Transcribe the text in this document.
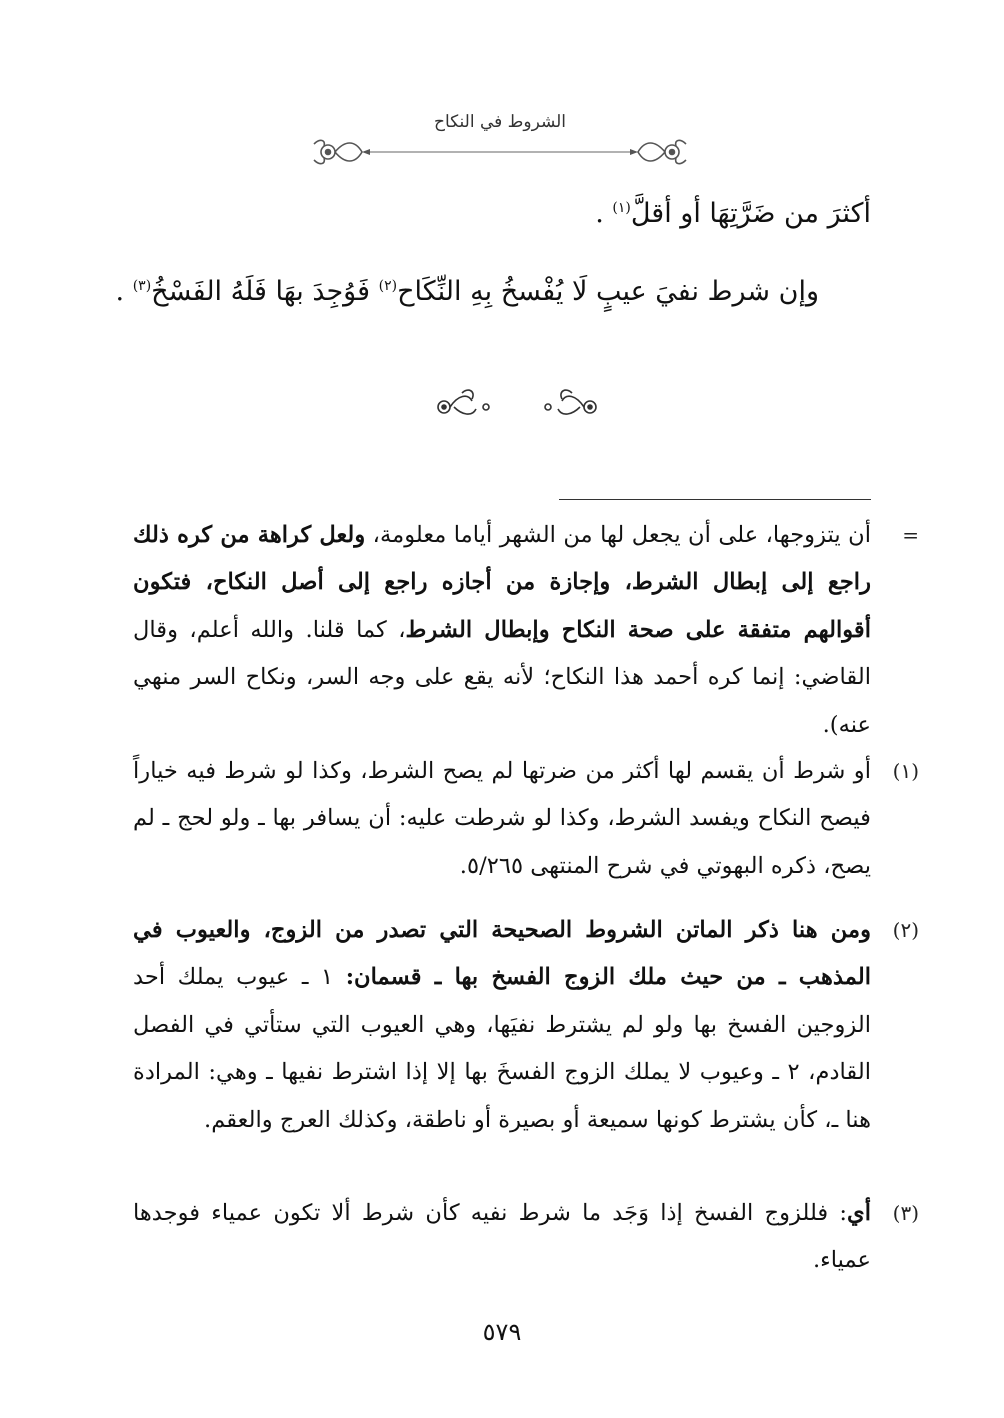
الشروط في النكاح
أكثرَ من ضَرَّتِهَا أو أقلَّ$^{(١)}$ .
وإن شرط نفيَ عيبٍ لَا يُفْسخُ بِهِ النِّكَاح$^{(٢)}$ فَوُجِدَ بهَا فَلَهُ الفَسْخُ$^{(٣)}$ .
=
أن يتزوجها، على أن يجعل لها من الشهر أياما معلومة، ولعل كراهة من كره ذلك راجع إلى إبطال الشرط، وإجازة من أجازه راجع إلى أصل النكاح، فتكون أقوالهم متفقة على صحة النكاح وإبطال الشرط، كما قلنا. والله أعلم، وقال القاضي: إنما كره أحمد هذا النكاح؛ لأنه يقع على وجه السر، ونكاح السر منهي عنه).
(١)
أو شرط أن يقسم لها أكثر من ضرتها لم يصح الشرط، وكذا لو شرط فيه خياراً فيصح النكاح ويفسد الشرط، وكذا لو شرطت عليه: أن يسافر بها ـ ولو لحج ـ لم يصح، ذكره البهوتي في شرح المنتهى ٥/٢٦٥.
(٢)
ومن هنا ذكر الماتن الشروط الصحيحة التي تصدر من الزوج، والعيوب في المذهب ـ من حيث ملك الزوج الفسخ بها ـ قسمان: ١ ـ عيوب يملك أحد الزوجين الفسخ بها ولو لم يشترط نفيَها، وهي العيوب التي ستأتي في الفصل القادم، ٢ ـ وعيوب لا يملك الزوج الفسخَ بها إلا إذا اشترط نفيها ـ وهي: المرادة هنا ـ، كأن يشترط كونها سميعة أو بصيرة أو ناطقة، وكذلك العرج والعقم.
(٣)
أي: فللزوج الفسخ إذا وَجَد ما شرط نفيه كأن شرط ألا تكون عمياء فوجدها عمياء.
٥٧٩
